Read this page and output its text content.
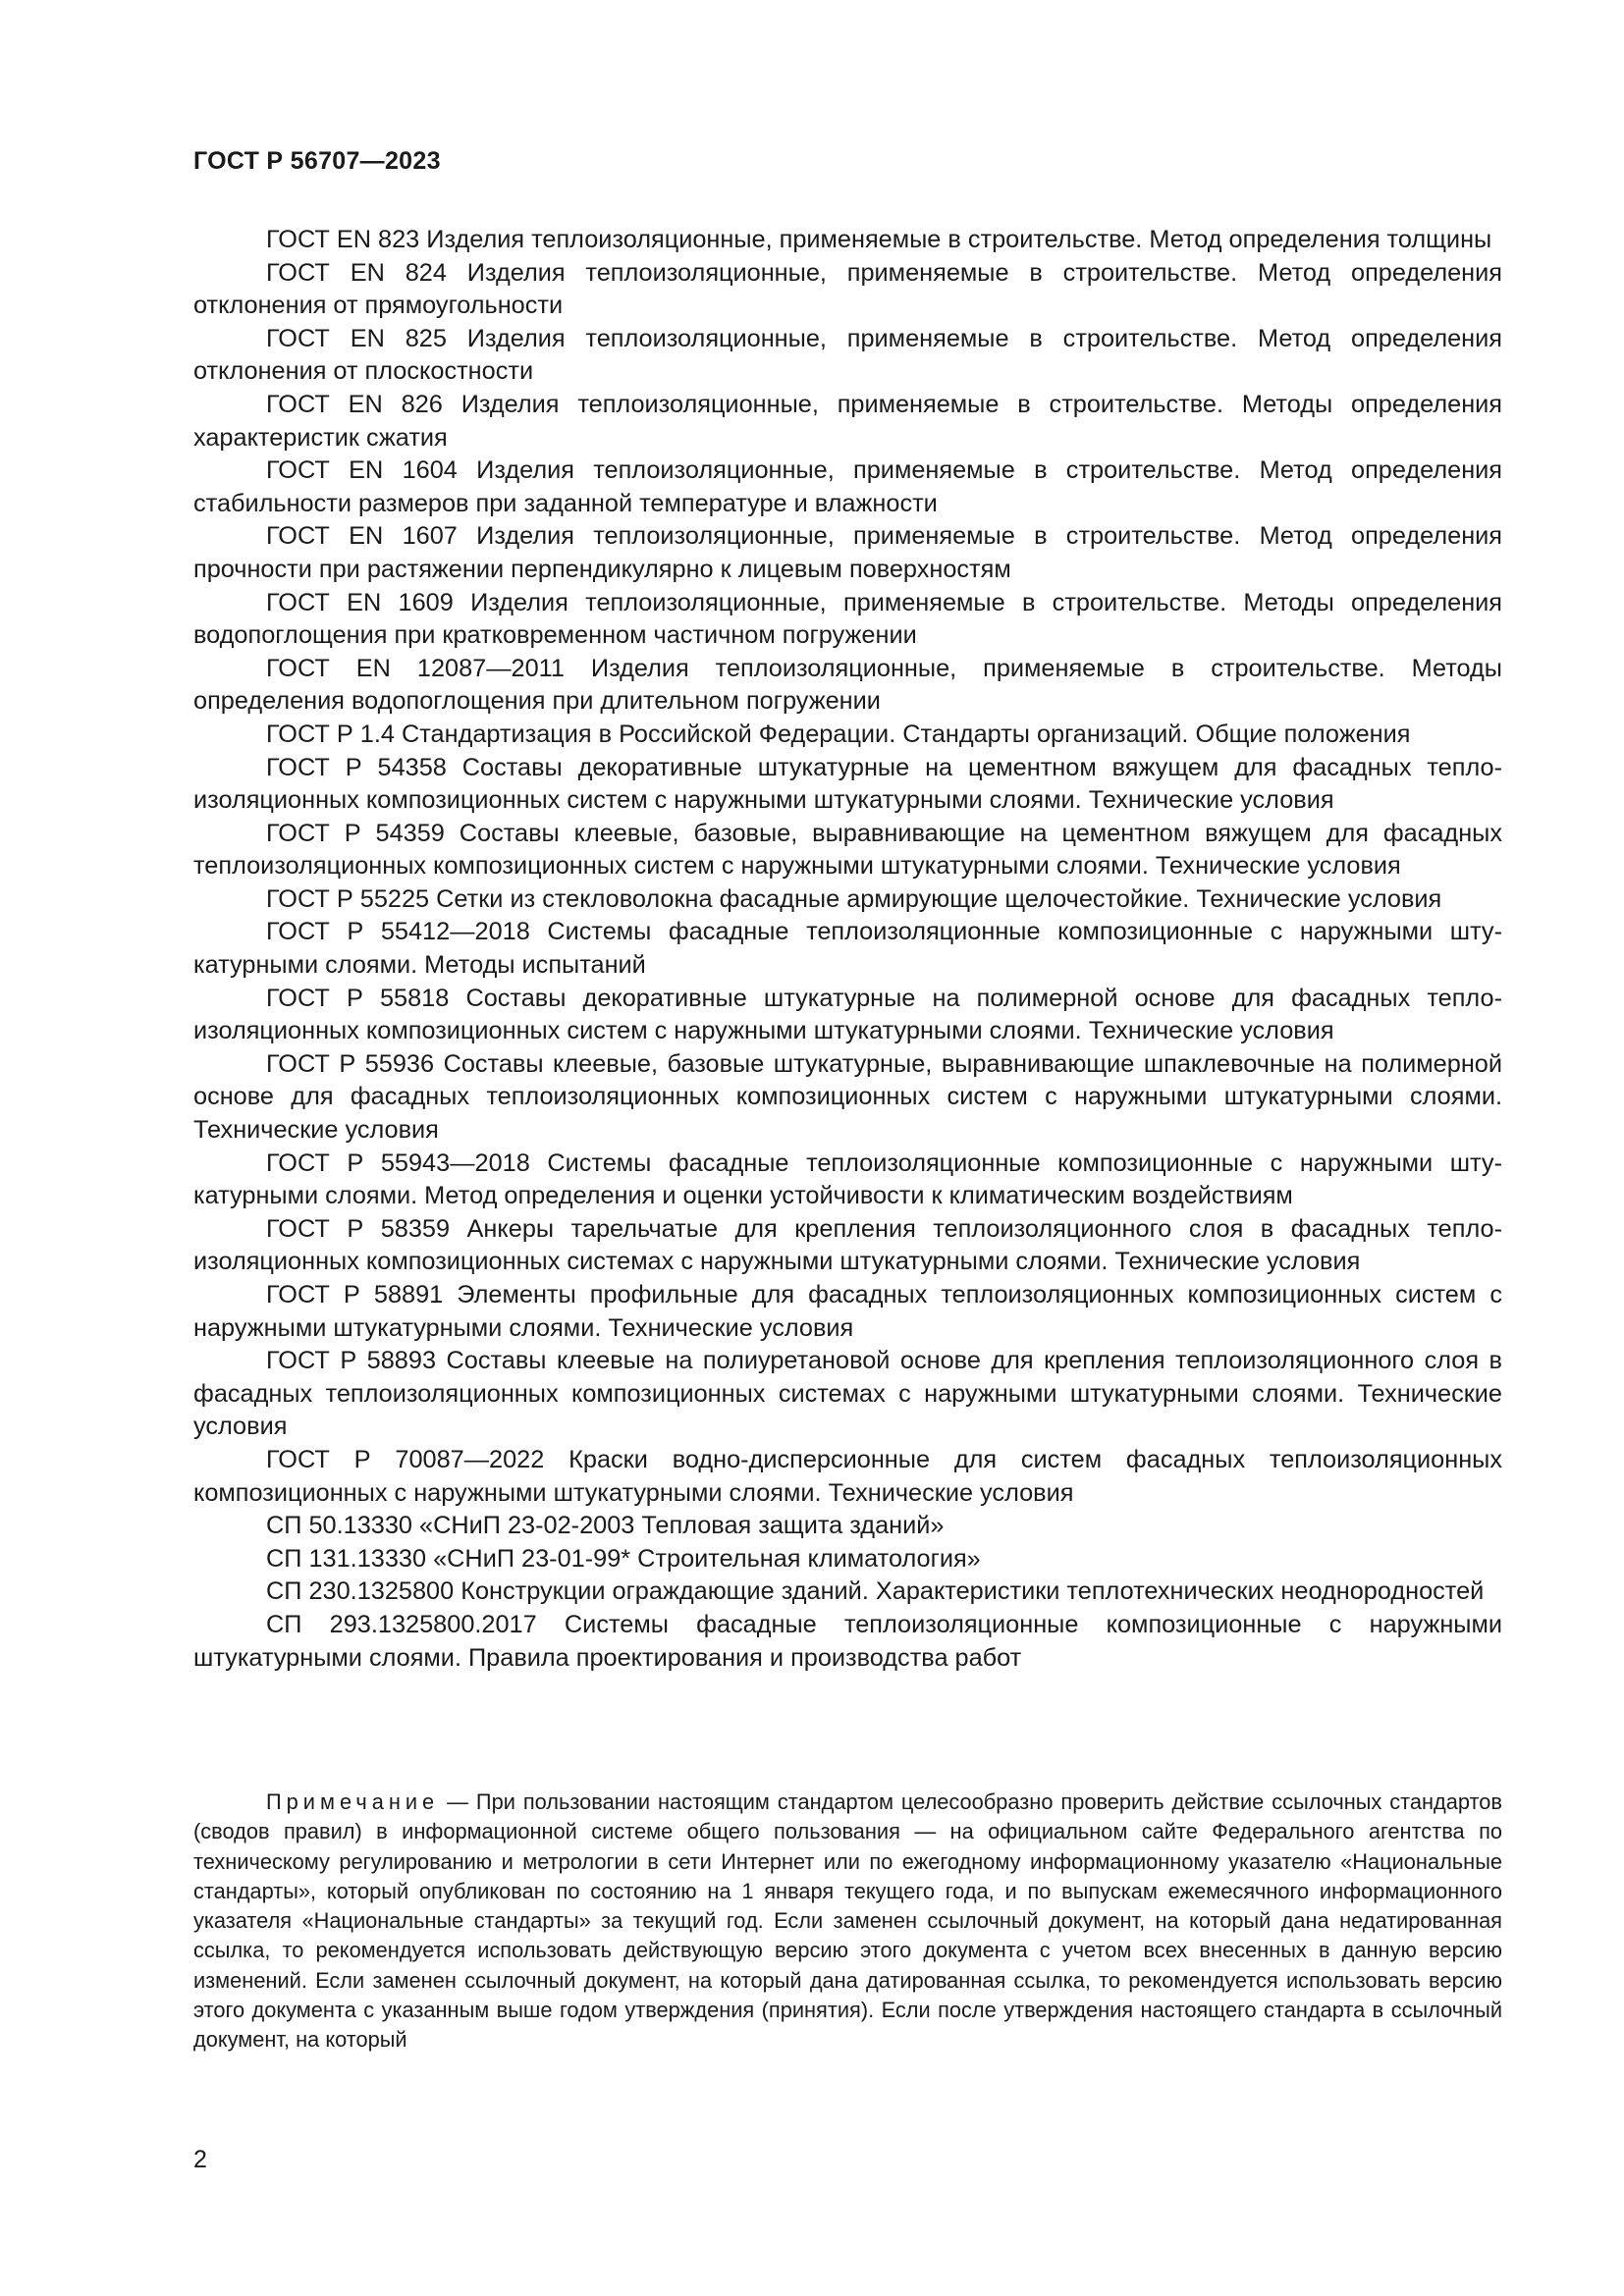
ГОСТ Р 56707—2023

ГОСТ EN 823 Изделия теплоизоляционные, применяемые в строительстве. Метод определения толщины

ГОСТ EN 824 Изделия теплоизоляционные, применяемые в строительстве. Метод определения отклонения от прямоугольности

ГОСТ EN 825 Изделия теплоизоляционные, применяемые в строительстве. Метод определения отклонения от плоскостности

ГОСТ EN 826 Изделия теплоизоляционные, применяемые в строительстве. Методы определения характеристик сжатия

ГОСТ EN 1604 Изделия теплоизоляционные, применяемые в строительстве. Метод определения стабильности размеров при заданной температуре и влажности

ГОСТ EN 1607 Изделия теплоизоляционные, применяемые в строительстве. Метод определения прочности при растяжении перпендикулярно к лицевым поверхностям

ГОСТ EN 1609 Изделия теплоизоляционные, применяемые в строительстве. Методы определения водопоглощения при кратковременном частичном погружении

ГОСТ EN 12087—2011 Изделия теплоизоляционные, применяемые в строительстве. Методы определения водопоглощения при длительном погружении

ГОСТ Р 1.4 Стандартизация в Российской Федерации. Стандарты организаций. Общие положения

ГОСТ Р 54358 Составы декоративные штукатурные на цементном вяжущем для фасадных теплоизоляционных композиционных систем с наружными штукатурными слоями. Технические условия

ГОСТ Р 54359 Составы клеевые, базовые, выравнивающие на цементном вяжущем для фасадных теплоизоляционных композиционных систем с наружными штукатурными слоями. Технические условия

ГОСТ Р 55225 Сетки из стекловолокна фасадные армирующие щелочестойкие. Технические условия

ГОСТ Р 55412—2018 Системы фасадные теплоизоляционные композиционные с наружными штукатурными слоями. Методы испытаний

ГОСТ Р 55818 Составы декоративные штукатурные на полимерной основе для фасадных теплоизоляционных композиционных систем с наружными штукатурными слоями. Технические условия

ГОСТ Р 55936 Составы клеевые, базовые штукатурные, выравнивающие шпаклевочные на полимерной основе для фасадных теплоизоляционных композиционных систем с наружными штукатурными слоями. Технические условия

ГОСТ Р 55943—2018 Системы фасадные теплоизоляционные композиционные с наружными штукатурными слоями. Метод определения и оценки устойчивости к климатическим воздействиям

ГОСТ Р 58359 Анкеры тарельчатые для крепления теплоизоляционного слоя в фасадных теплоизоляционных композиционных системах с наружными штукатурными слоями. Технические условия

ГОСТ Р 58891 Элементы профильные для фасадных теплоизоляционных композиционных систем с наружными штукатурными слоями. Технические условия

ГОСТ Р 58893 Составы клеевые на полиуретановой основе для крепления теплоизоляционного слоя в фасадных теплоизоляционных композиционных системах с наружными штукатурными слоями. Технические условия

ГОСТ Р 70087—2022 Краски водно-дисперсионные для систем фасадных теплоизоляционных композиционных с наружными штукатурными слоями. Технические условия

СП 50.13330 «СНиП 23-02-2003 Тепловая защита зданий»

СП 131.13330 «СНиП 23-01-99* Строительная климатология»

СП 230.1325800 Конструкции ограждающие зданий. Характеристики теплотехнических неоднородностей

СП 293.1325800.2017 Системы фасадные теплоизоляционные композиционные с наружными штукатурными слоями. Правила проектирования и производства работ

Примечание — При пользовании настоящим стандартом целесообразно проверить действие ссылочных стандартов (сводов правил) в информационной системе общего пользования — на официальном сайте Федерального агентства по техническому регулированию и метрологии в сети Интернет или по ежегодному информационному указателю «Национальные стандарты», который опубликован по состоянию на 1 января текущего года, и по выпускам ежемесячного информационного указателя «Национальные стандарты» за текущий год. Если заменен ссылочный документ, на который дана недатированная ссылка, то рекомендуется использовать действующую версию этого документа с учетом всех внесенных в данную версию изменений. Если заменен ссылочный документ, на который дана датированная ссылка, то рекомендуется использовать версию этого документа с указанным выше годом утверждения (принятия). Если после утверждения настоящего стандарта в ссылочный документ, на который

2
